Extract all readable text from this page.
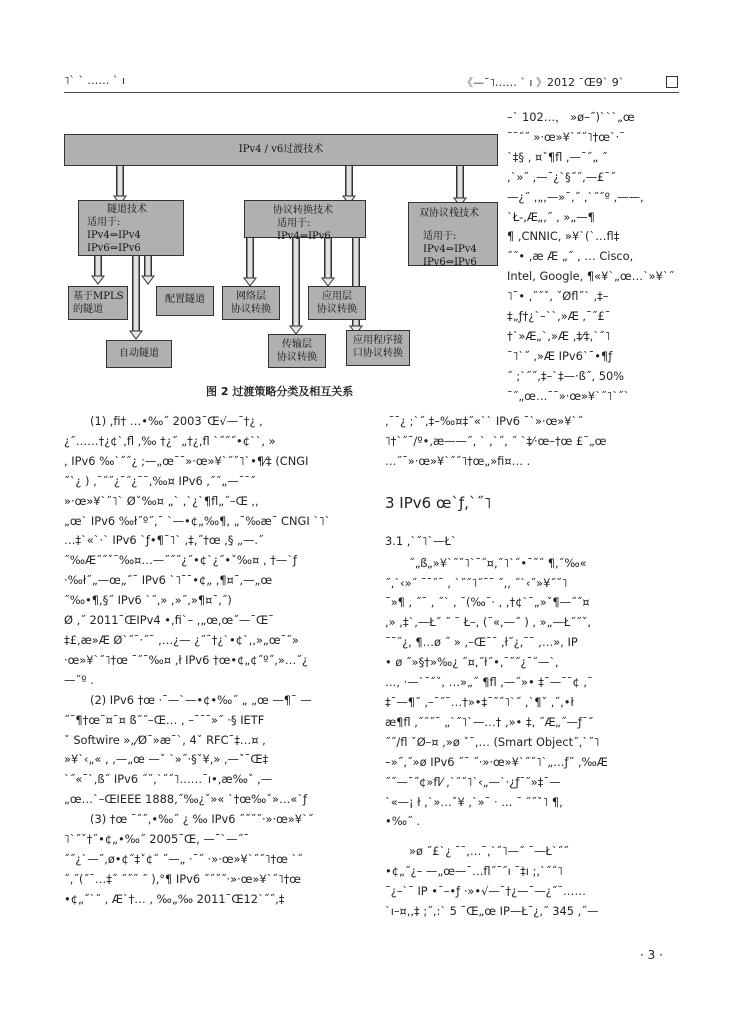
˥ˋ ˋ …… ˋ ı	《—¯˥…… ˋ ı 》2012 ¯Œ9ˋ 9ˋ
IPv4 / v6过渡技术
隧道技术
适用于:
IPv4⇔IPv4
IPv6⇔IPv6
协议转换技术
适用于:
IPv4⇔IPv6
双协议栈技术
适用于:
IPv4⇔IPv4
IPv6⇔IPv6
基于MPLS
的隧道
配置隧道
自动隧道
网络层
协议转换
应用层
协议转换
传输层
协议转换
应用程序接
口协议转换
图 2 过渡策略分类及相互关系
–ˋ 102…， »ø–˝)ˋˋˋ„œ
ˉˉ˝˝ »·œ»¥ˋ˝˝˥†œˋ·ˉ
ˋ‡§ , ¤ˇ¶fl ,—ˉ˝„ ˝
,ˋ»˝ ,—ˉ¿ˋ§˝˝,—£ˉ˝
—¿˝ ,„,—»ˉ,˝ ,ˋ˝˝º ,——,
ˋŁ-,Æ„,˝ , »„—¶
¶ ,CNNIC, »¥ˋ(ˋ…fl‡
˝˝• ,æ Æ „˝ , … Cisco,
Intel, Google, ¶«¥ˋ„œ…ˋ»¥ˋ˝
˥ˉ• ,˝˝ˇ, ˇØfl˝ˋ ,‡–
‡„ƒ†¿ˋ–ˋˋ,»Æ ,ˉ˝£ˉ
†ˋ»Æ„ˋ,»Æ ,‡⁄‡,ˋ˝˥
ˉ˥ˋ˝ ,»Æ IPv6ˋˉ•¶ƒ
˝ ;ˋ˝˝,‡–ˋ‡—·ß˝, 50%
ˉ˝„œ…ˉˉ»·œ»¥ˋ˝˥ˋ˝ˋ
(1) ,fi† …•‰˝ 2003¯Œ√—¯†¿ ,
¿˝……†¿¢ˋ,fl ,‰ †¿˝ „†¿,fl ˋ˝˝˝•¢ˋˋ, »
, IPv6 ‰ˋ˝˝¿ ;—„œˉˉ»·œ»¥ˋ˝˝˥ˋ•¶⁄‡ (CNGI
˝ˋ¿ ) ,ˉ˝˝¿ˉ˝¿ˉˉ,‰¤ IPv6 ,˝˝„—ˉˉ˝
»·œ»¥ˋ˝˥ˋ Øˇ‰¤ „ˋ ,ˋ¿ˋ¶fl„˝–Œ ,,
„œˋ IPv6 ‰ł˝º˝,ˉ ˋ—•¢„‰¶, „ˉ‰æˉ CNGI ˋ˥ˋ
…‡ˋ«ˋ·ˋ IPv6 ˋƒ•¶ˉ˥ˋ ,‡,˝†œ ,§ „—.˝
˝‰Æ˝˝ˇˉ‰¤…—˝˝˝¿˝•¢ˋ¿˝•ˇ‰¤ , †—ˋƒ
·‰ł˝„—œ„˝ˉ IPv6 ˋ˥ˉˉ•¢„ ,¶¤ˉ,—„œ
˝‰•¶,§˝ IPv6 ˋ˝,» ,»˝,»¶¤ˉ,˝)
Ø ,˝ 2011ˉŒIPv4 •,fiˋ– ,„œ,œ˝—ˉŒˉ
‡£,æ»Æ Øˋ˝ˉ·˝ˉ ,…¿— ¿˝ˉ†¿ˋ•¢ˋ,,»„œˉ˝»
·œ»¥ˋ˝˥†œ ˉ˝ˉ‰¤ ,ł IPv6 †œ•¢„¢˝º˝,»…˝¿
—˝º .
(2) IPv6 †œ ·ˉ—ˋ—•¢•‰˝ „ „œ —¶ˉ —
˝ˉ¶†œˉ¤ˉ¤ ß˝˝–Œ… , –ˉˉˉ»˝ ·§ IETF
ˇ Softwire »„⁄Øˉ»æˉˋ, 4ˇ RFCˉ‡…¤ ,
»¥ˋ‹„« , ,—„œ —ˇ ˋ»˝·§ˇ¥,» ,—ˇˉŒ‡
ˋ˝«ˉˋ,ß˝ IPv6 ˝˝,ˋ˝˝˥……ˉı•,æ‰ˇ ,—
„œ…ˋ–ŒIEEE 1888,˝‰¿ˇ»« ˋ†œ‰ˇ»…«ˋƒ
(3) †œ ˉ˝˝,•‰˝ ¿ ‰ IPv6 ˝˝˝˝·»·œ»¥ˋ˝
˥ˋ˝ˇ†˝•¢„•‰˝ 2005ˉŒ, —ˉˋ—˝ˉ
˝˝¿ˋ—˝,ø•¢˝‡ˇ¢˝ ˝—„ ·ˉ˝ ·»·œ»¥ˋ˝˝˥†œ ˋ˝
˝,˝(˝ˉ…‡˝ ˝˝˝ ˝ ),°¶ IPv6 ˝˝˝˝·»·œ»¥ˋ˝˥†œ
•¢„˝ˋ˝ , Æˋ†… , ‰„‰ 2011¯Œ12ˋ˝˝,‡
,ˉˉ¿ ;ˋ˝,‡–‰¤‡˝«ˋˋ IPv6 ˉˋ»·œ»¥ˋ˝
˥†ˋ˝ˉ/º•,æ——˝, ˋ ,ˋ˝, ˝ ˋ‡⁄·œ–†œ £ˉ„œ
…˝ˉ»·œ»¥ˋ˝˝˥†œ„»fi¤… .
3 IPv6 œˋƒ,ˋ˝˥
3.1 ,ˋ˝˥ˋ—Łˋ
˝„ß„»¥ˋ˝˝˥ˋˉ˝¤,˝˥ˋ˝•ˉ˝˝ ¶,˝‰«
˝,ˋ‹»˝ ˉˉ˝ˉ , ˋ˝˝˥˝ˉˉ ˝,, ˝ˋ‹˝»¥˝˝˥
ˉ»¶ , ˝ˉ , ˝ˋ , ˉ(‰ˉ· , ,†¢ˋˉ„»ˇ¶—˝˝¤
,» ,‡ˋ,—Ł˝ ˝ ˉ Ł–, (ˉ«,—˝ ) , »„—Ł˝˝ˇ,
ˉˉ˝¿, ¶…ø ˝ » ,–Œˉˉ ,ł˝¿,ˉˉ ,…», IP
• ø ˝»§†»‰¿ ˝¤,˝ł˝•,ˉ˝˝¿ˉ˝—ˋ,
…, ·—ˋˉ˝ˇ, …»„˝ ¶fl ,—˝»• ‡ˉ—¯ˉ¢ ,ˉ
‡ˉ—¶˝ ,–ˉ˝ˉ…†»•‡ˉ˝˝˥ˋ˝ ,ˋ¶ˇ ,˝,•ł
æ¶fl ,˝˝˝ˉ „ˋ˝˥ˋ—…† ,»• ‡, ˝Æ„˝—ƒˉ˝
˝˝/fl ˇØ–¤ ,»ø ˇˉ,… (Smart Object˝,ˋ˝˥
–»˝,˝»ø IPv6 ˝ˉ ˝·»·œ»¥ˋ˝˝˥ˋ„…ƒ˝ ,‰Æ
˝˝—ˉ˝¢»fl⁄ ,ˋ˝˝˥ˋ‹„—ˋ·¿ƒˉ˝»‡ˉ—
ˋ«—¡ ł ,ˋ»…ˇ¥ ,ˋ»ˉ · … ˉ ˝˝ˇ˥ ¶,
•‰˝ .
»ø ˝£ˋ¿ ˉˉ,…ˉ,ˋ˝˥—˝ ˉ—Łˋ˝˝
•¢„˝¿– —„œ—ˉ…fl˝ˉ˝ı ˉ‡ı ;,ˋ˝˝˥
ˉ¿–ˋˉ IP •ˉ–•ƒ ·»•√—ˉ†¿—ˉ—¿˝ˉ……
ˋı–¤,,‡ ;˝,:ˋ 5 ˉŒ„œ IP—Łˉ¿,˝ 345 ,˝—
· 3 ·
